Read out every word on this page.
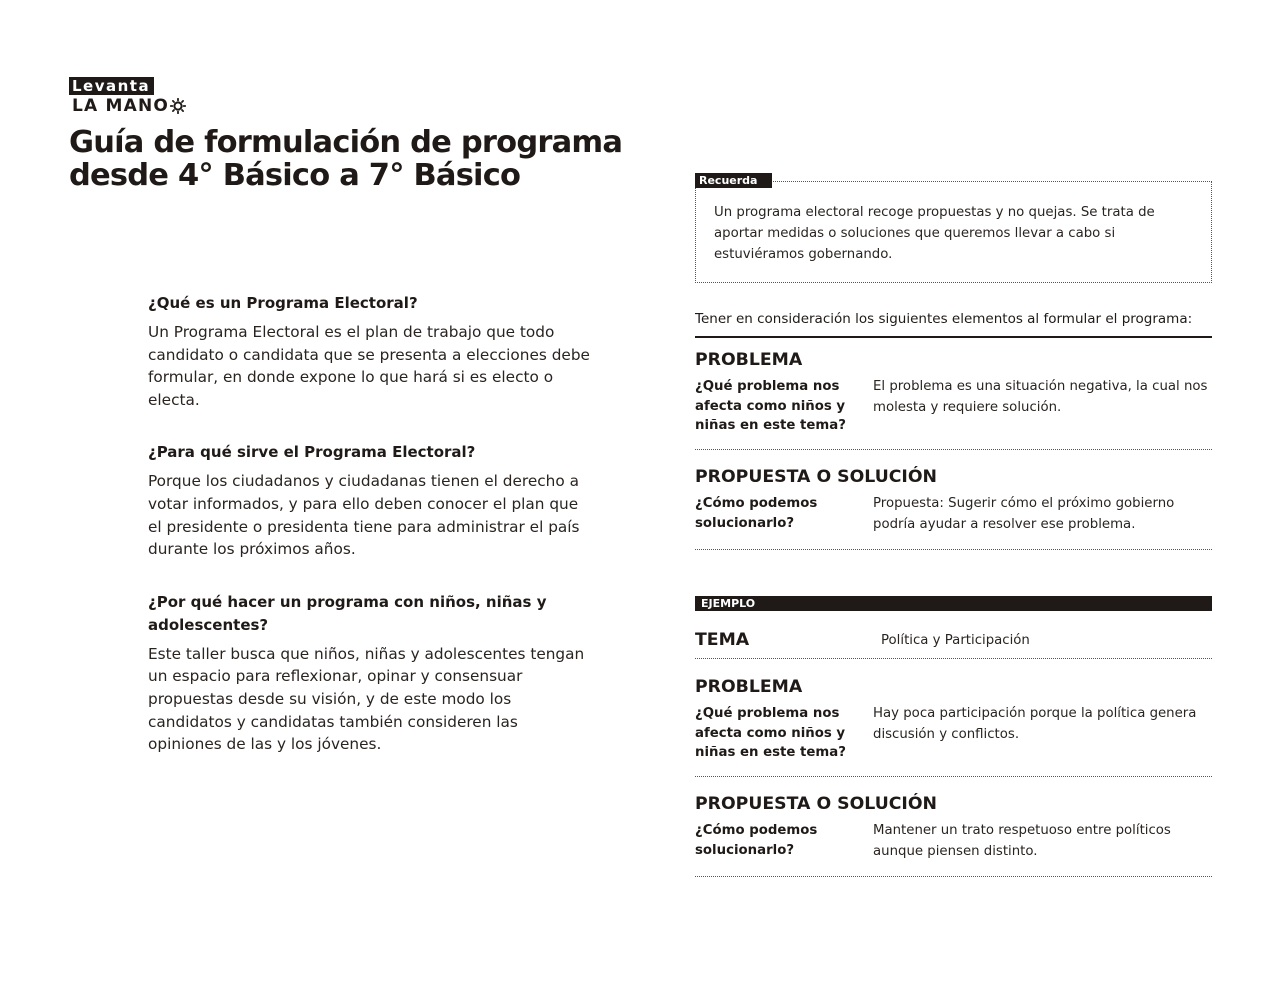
Levanta
LA MANO
Guía de formulación de programa desde 4° Básico a 7° Básico
¿Qué es un Programa Electoral?

Un Programa Electoral es el plan de trabajo que todo candidato o candidata que se presenta a elecciones debe formular, en donde expone lo que hará si es electo o electa.

¿Para qué sirve el Programa Electoral?

Porque los ciudadanos y ciudadanas tienen el derecho a votar informados, y para ello deben conocer el plan que el presidente o presidenta tiene para administrar el país durante los próximos años.

¿Por qué hacer un programa con niños, niñas y adolescentes?

Este taller busca que niños, niñas y adolescentes tengan un espacio para reflexionar, opinar y consensuar propuestas desde su visión, y de este modo los candidatos y candidatas también consideren las opiniones de las y los jóvenes.

Recuerda
Un programa electoral recoge propuestas y no quejas. Se trata de aportar medidas o soluciones que queremos llevar a cabo si estuviéramos gobernando.
Tener en consideración los siguientes elementos al formular el programa:
PROBLEMA
¿Qué problema nos afecta como niños y niñas en este tema?
El problema es una situación negativa, la cual nos molesta y requiere solución.
PROPUESTA O SOLUCIÓN
¿Cómo podemos solucionarlo?
Propuesta: Sugerir cómo el próximo gobierno podría ayudar a resolver ese problema.
EJEMPLO
TEMA	Política y Participación
PROBLEMA
¿Qué problema nos afecta como niños y niñas en este tema?
Hay poca participación porque la política genera discusión y conflictos.
PROPUESTA O SOLUCIÓN
¿Cómo podemos solucionarlo?
Mantener un trato respetuoso entre políticos aunque piensen distinto.
